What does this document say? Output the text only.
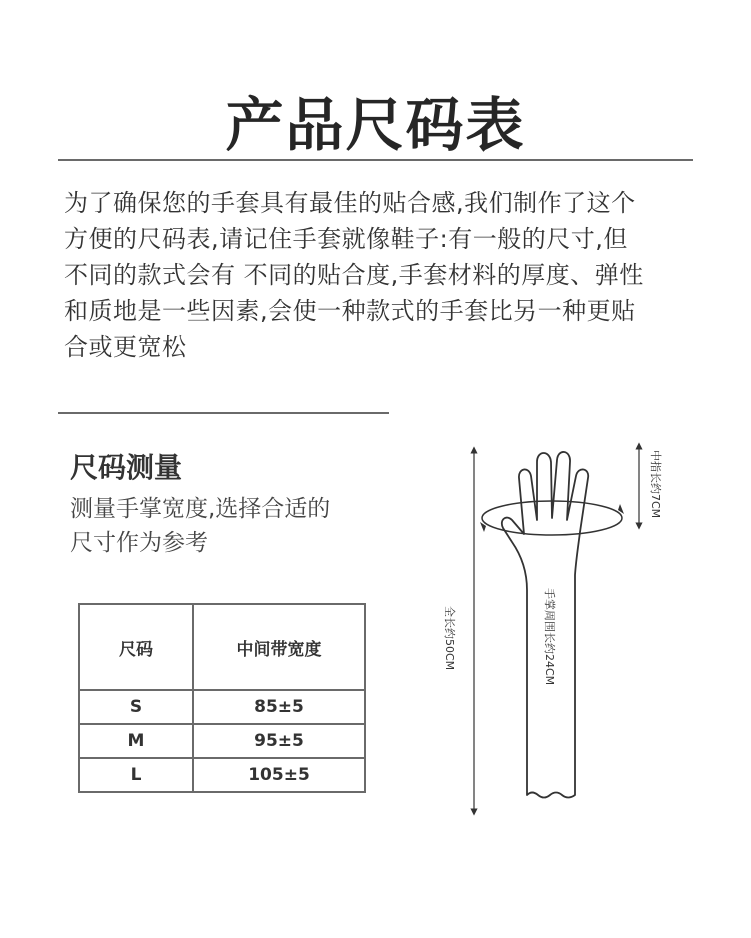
产品尺码表
为了确保您的手套具有最佳的贴合感,我们制作了这个
方便的尺码表,请记住手套就像鞋子:有一般的尺寸,但
不同的款式会有 不同的贴合度,手套材料的厚度、弹性
和质地是一些因素,会使一种款式的手套比另一种更贴
合或更宽松
尺码测量
测量手掌宽度,选择合适的
尺寸作为参考
尺码	中间带宽度
S	85±5
M	95±5
L	105±5
中指长约7CM
手掌周围长约24CM
全长约50CM
